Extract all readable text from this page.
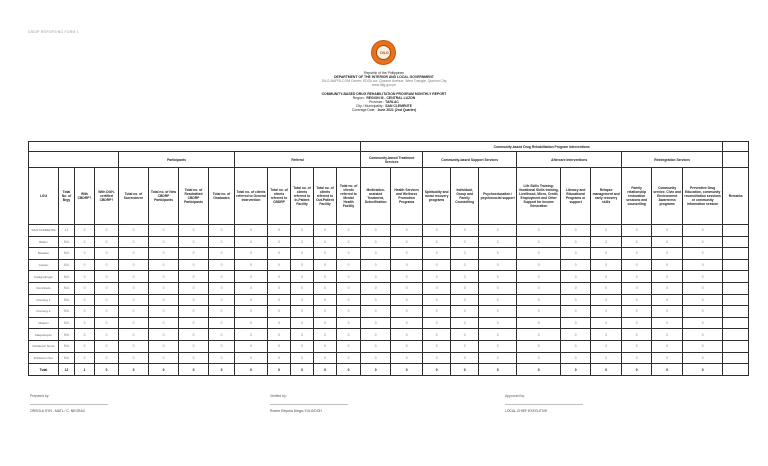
DSDIP REPORTING FORM 1
DILG
Republic of the Philippines
DEPARTMENT OF THE INTERIOR AND LOCAL GOVERNMENT
DILG-NAPOLCOM Center, EDSA cor. Quezon Avenue, West Triangle, Quezon City
www.dilg.gov.ph
COMMUNITY-BASED DRUG REHABILITATION PROGRAM MONTHLY REPORT
Region : REGION III - CENTRAL LUZON
Province : TARLAC
City / Municipality : SAN CLEMENTE
Coverage Date : June 2021 (2nd Quarter)
													Community-based Drug Rehabilitation Program Interventions											
				Participants				Referral					Community-based Treatment Services		Community-based Support Services			Aftercare Interventions			Reintegration Services			
LGU	Total No. of Brgy	With CBDRP?	With DOH-certified CBDRP?	Total no. of Surrenderee	Total no. of New CBDRP Participants	Total no. of Readmitted CBDRP Participants	Total no. of Graduates	Total no. of clients referred to General Intervention	Total no. of clients referred to CBDRP	Total no. of clients referred to In-Patient Facility	Total no. of clients referred to Out-Patient Facility	Total no. of clients referred to Mental Health Facility	Medication-assisted Treatment, Detoxification	Health Services and Wellness Promotion Programs	Spirituality and moral recovery programs	Individual, Group and Family Counselling	Psychoeducation / psychosocial support	Life Skills Training: Vocational Skills training, Livelihood, Micro, Credit, Employment and Other Support for Income Generation	Literacy and Educational Programs or support	Relapse management and early recovery skills	Family relationship restoration sessions and counselling	Community service, Civic and Environment Awareness programs	Preventive Drug Education, community reconciliation sessions or community information session	Remarks
SAN CLEMENTE	12	0	0	0	0	0	0	0	0	0	0	0	0	0	0	0	0	0	0	0	0	0	0	
Balloc	N/A	0	0	0	0	0	0	0	0	0	0	0	0	0	0	0	0	0	0	0	0	0	0	
Bawabo	N/A	0	0	0	0	0	0	0	0	0	0	0	0	0	0	0	0	0	0	0	0	0	0	
Casipo	N/A	0	0	0	0	0	0	0	0	0	0	0	0	0	0	0	0	0	0	0	0	0	0	
Catagudingan	N/A	0	0	0	0	0	0	0	0	0	0	0	0	0	0	0	0	0	0	0	0	0	0	
Nombrado	N/A	0	0	0	0	0	0	0	0	0	0	0	0	0	0	0	0	0	0	0	0	0	0	
Doclong 1	N/A	0	0	0	0	0	0	0	0	0	0	0	0	0	0	0	0	0	0	0	0	0	0	
Doclong 2	N/A	0	0	0	0	0	0	0	0	0	0	0	0	0	0	0	0	0	0	0	0	0	0	
Maasin	N/A	0	0	0	0	0	0	0	0	0	0	0	0	0	0	0	0	0	0	0	0	0	0	
Maquelayan	N/A	0	0	0	0	0	0	0	0	0	0	0	0	0	0	0	0	0	0	0	0	0	0	
Poblacion Norte	N/A	0	0	0	0	0	0	0	0	0	0	0	0	0	0	0	0	0	0	0	0	0	0	
Poblacion Sur	N/A	0	0	0	0	0	0	0	0	0	0	0	0	0	0	0	0	0	0	0	0	0	0	
Total	12	1	0	0	0	0	0	0	0	0	0	0	0	0	0	0	0	0	0	0	0	0	0	
Prepared by:
ORSOLA SYN - MATL / C. NEGRAC
Verified by:
Romer Reyoha Diega / DILG/DOH
Approved by:
LOCAL CHIEF EXECUTIVE
